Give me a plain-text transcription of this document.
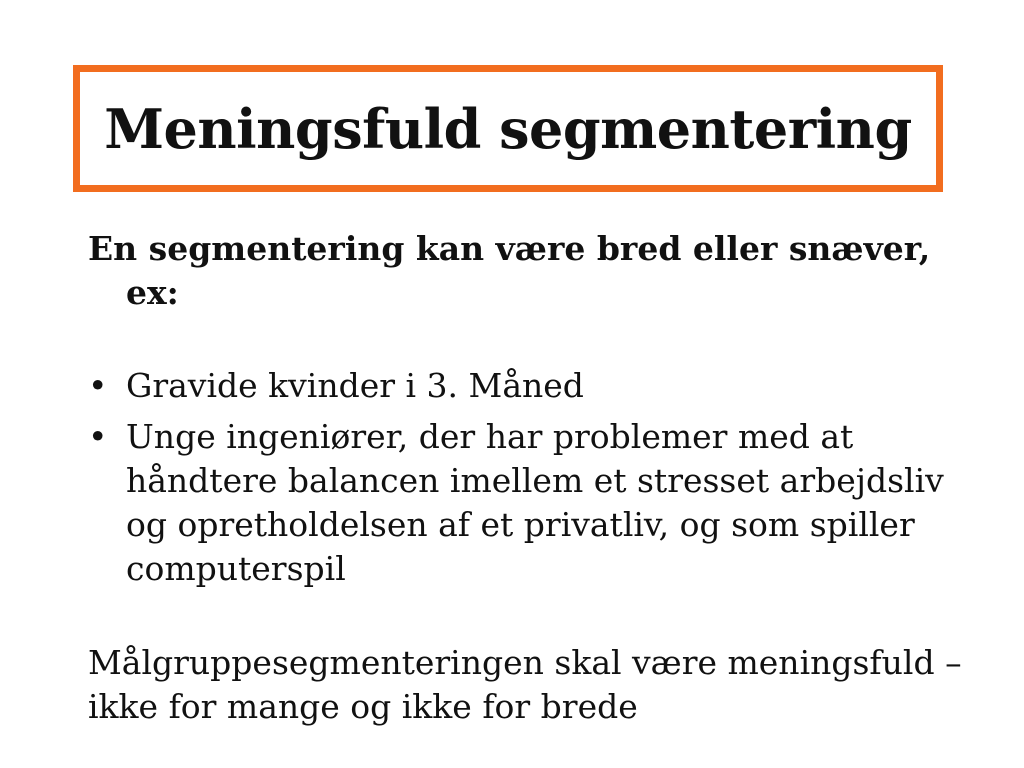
Meningsfuld segmentering

En segmentering kan være bred eller snæver, ex:

• Gravide kvinder i 3. Måned
• Unge ingeniører, der har problemer med at håndtere balancen imellem et stresset arbejdsliv og opretholdelsen af et privatliv, og som spiller computerspil

Målgruppesegmenteringen skal være meningsfuld –

ikke for mange og ikke for brede
